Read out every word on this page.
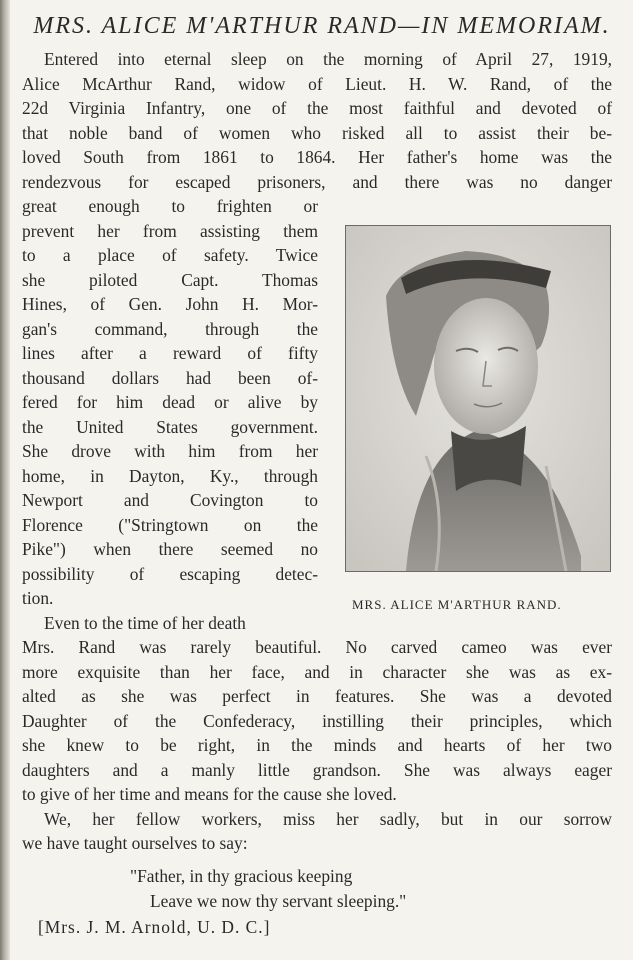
MRS. ALICE M'ARTHUR RAND—IN MEMORIAM.
Entered into eternal sleep on the morning of April 27, 1919,
Alice McArthur Rand, widow of Lieut. H. W. Rand, of the
22d Virginia Infantry, one of the most faithful and devoted of
that noble band of women who risked all to assist their be-
loved South from 1861 to 1864. Her father's home was the
rendezvous for escaped prisoners, and there was no danger
great enough to frighten or
prevent her from assisting them
to a place of safety. Twice
she piloted Capt. Thomas
Hines, of Gen. John H. Mor-
gan's command, through the
lines after a reward of fifty
thousand dollars had been of-
fered for him dead or alive by
the United States government.
She drove with him from her
home, in Dayton, Ky., through
Newport and Covington to
Florence ("Stringtown on the
Pike") when there seemed no
possibility of escaping detec-
tion.
Even to the time of her death
Mrs. Rand was rarely beautiful. No carved cameo was ever
more exquisite than her face, and in character she was as ex-
alted as she was perfect in features. She was a devoted
Daughter of the Confederacy, instilling their principles, which
she knew to be right, in the minds and hearts of her two
daughters and a manly little grandson. She was always eager
to give of her time and means for the cause she loved.
We, her fellow workers, miss her sadly, but in our sorrow
we have taught ourselves to say:
"Father, in thy gracious keeping
Leave we now thy servant sleeping."
MRS. ALICE M'ARTHUR RAND.
[Mrs. J. M. Arnold, U. D. C.]
